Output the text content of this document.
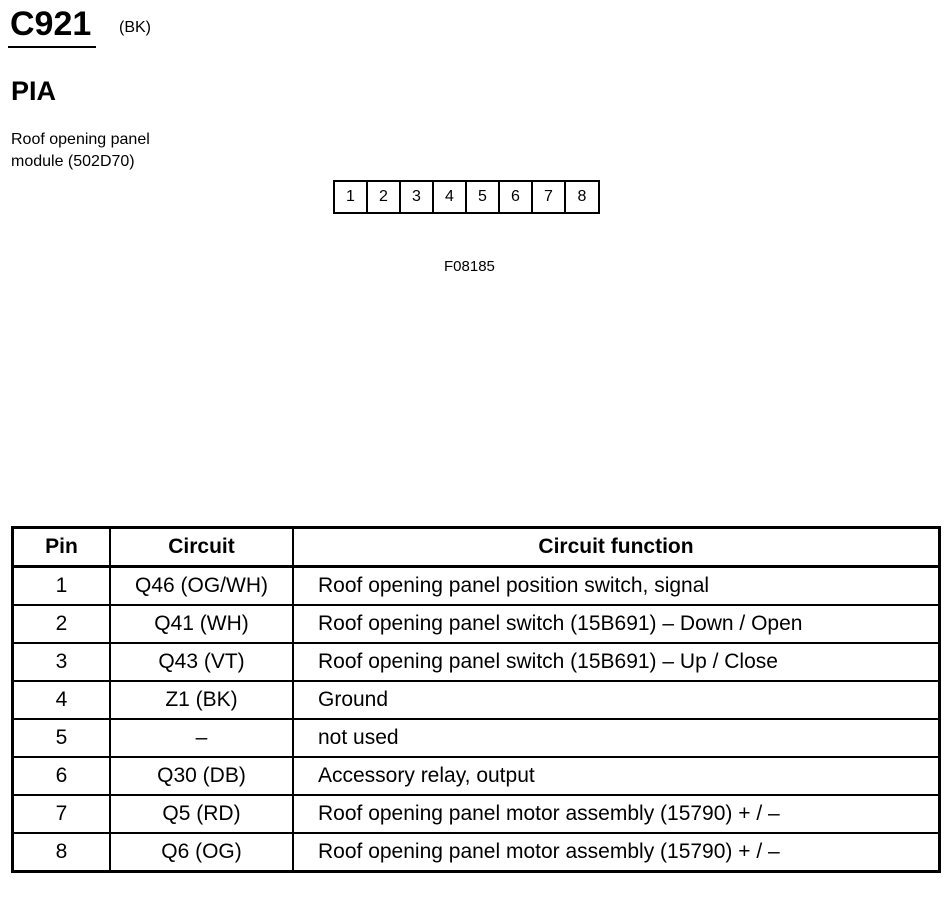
C921 (BK)
PIA
Roof opening panel
module (502D70)
1	2	3	4	5	6	7	8
F08185
Pin	Circuit	Circuit function
1	Q46 (OG/WH)	Roof opening panel position switch, signal
2	Q41 (WH)	Roof opening panel switch (15B691) – Down / Open
3	Q43 (VT)	Roof opening panel switch (15B691) – Up / Close
4	Z1 (BK)	Ground
5	–	not used
6	Q30 (DB)	Accessory relay, output
7	Q5 (RD)	Roof opening panel motor assembly (15790) + / –
8	Q6 (OG)	Roof opening panel motor assembly (15790) + / –
